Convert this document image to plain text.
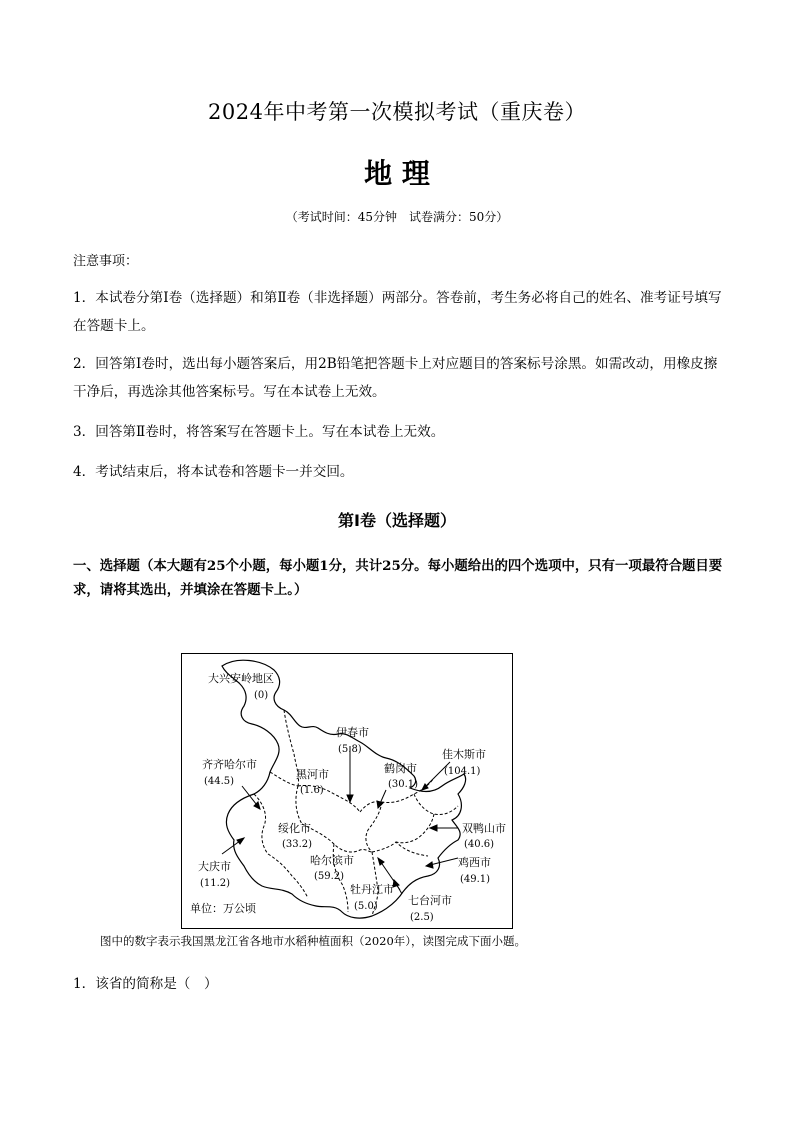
2024年中考第一次模拟考试（重庆卷）
地 理
（考试时间：45分钟　试卷满分：50分）
注意事项：
1．本试卷分第Ⅰ卷（选择题）和第Ⅱ卷（非选择题）两部分。答卷前，考生务必将自己的姓名、准考证号填写在答题卡上。
2．回答第Ⅰ卷时，选出每小题答案后，用2B铅笔把答题卡上对应题目的答案标号涂黑。如需改动，用橡皮擦干净后，再选涂其他答案标号。写在本试卷上无效。
3．回答第Ⅱ卷时，将答案写在答题卡上。写在本试卷上无效。
4．考试结束后，将本试卷和答题卡一并交回。
第Ⅰ卷（选择题）
一、选择题（本大题有25个小题，每小题1分，共计25分。每小题给出的四个选项中，只有一项最符合题目要求，请将其选出，并填涂在答题卡上。）
大兴安岭地区
(0)
伊春市
(5.8)	佳木斯市
(104.1)
齐齐哈尔市
(44.5)
黑河市
(1.6)
鹤岗市
(30.1)
双鸭山市
(40.6)
绥化市
(33.2)
鸡西市
(49.1)
哈尔滨市
(59.2)
大庆市
(11.2)	牡丹江市
(5.0)	七台河市
(2.5)
单位：万公顷
图中的数字表示我国黑龙江省各地市水稻种植面积（2020年），读图完成下面小题。
1．该省的简称是（　）
